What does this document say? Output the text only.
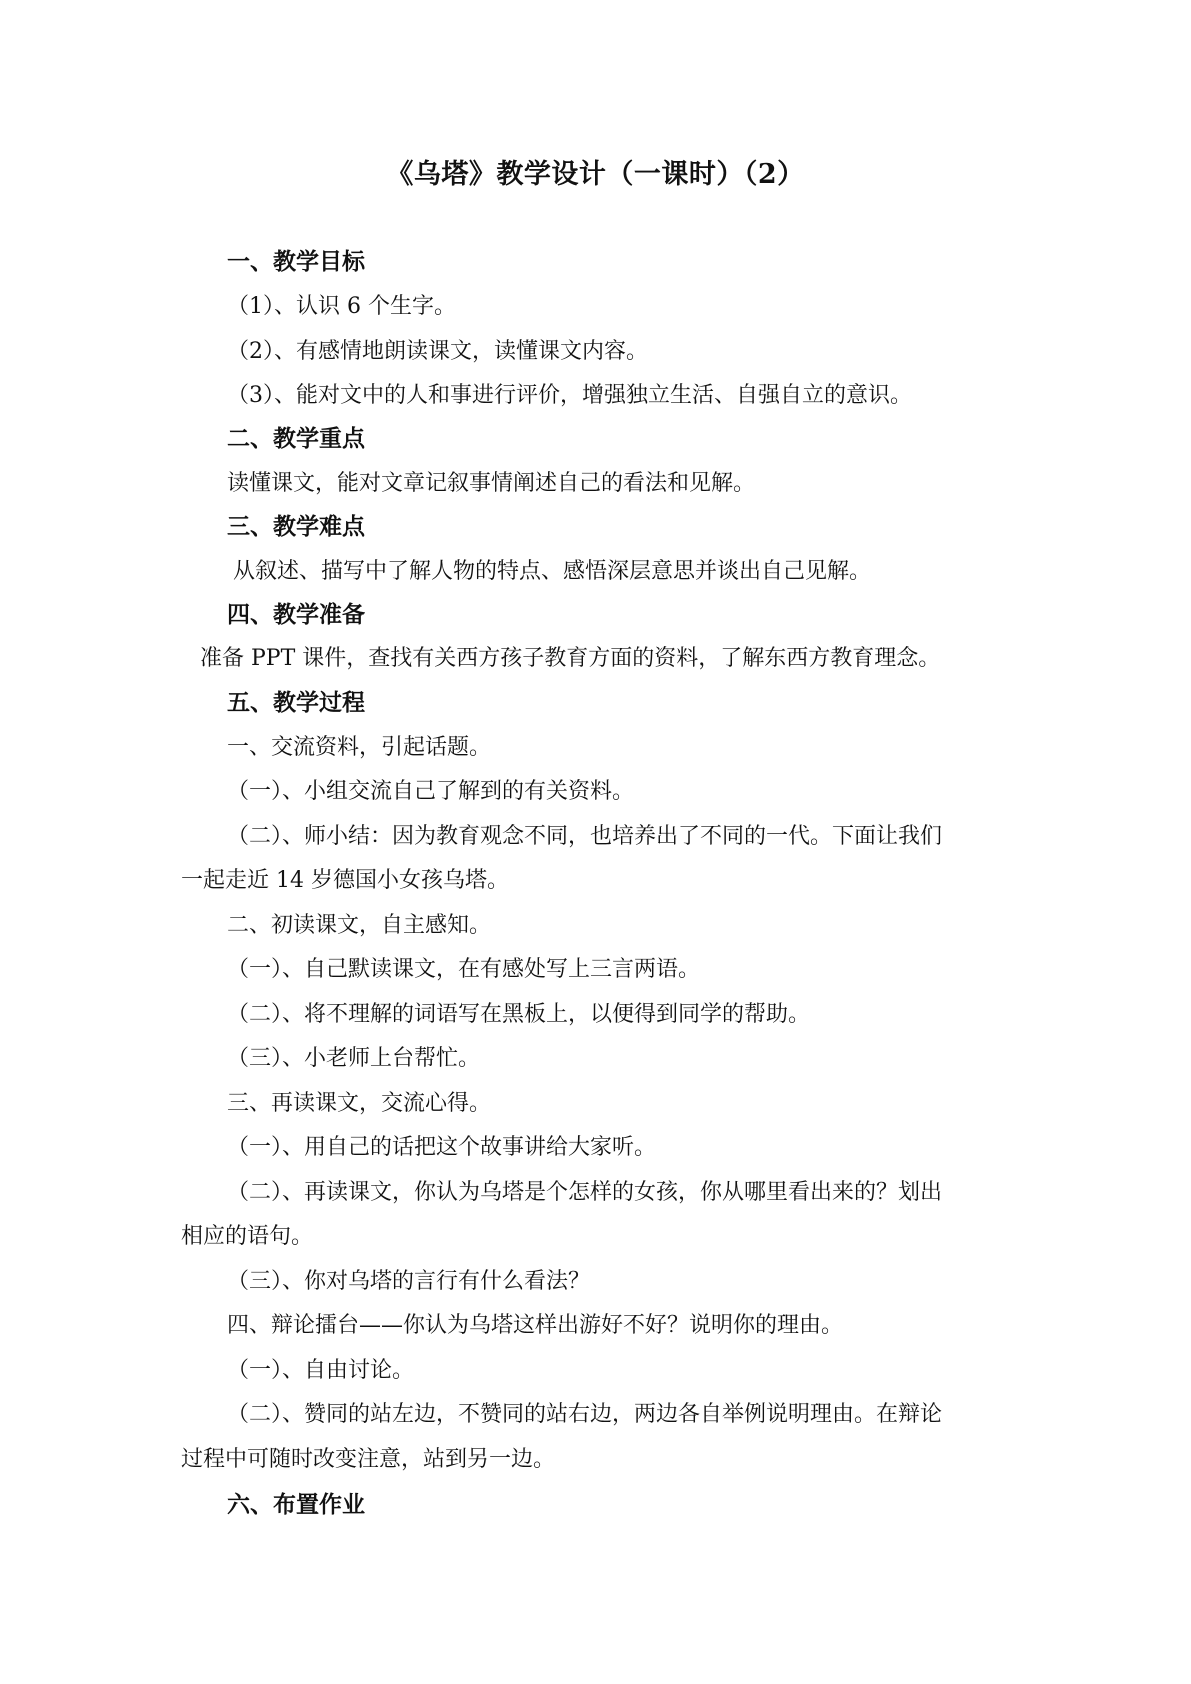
《乌塔》教学设计（一课时）（2）
一、教学目标
（1）、认识 6 个生字。
（2）、有感情地朗读课文，读懂课文内容。
（3）、能对文中的人和事进行评价，增强独立生活、自强自立的意识。
二、教学重点
读懂课文，能对文章记叙事情阐述自己的看法和见解。
三、教学难点
从叙述、描写中了解人物的特点、感悟深层意思并谈出自己见解。
四、教学准备
准备 PPT 课件，查找有关西方孩子教育方面的资料，了解东西方教育理念。
五、教学过程
一、交流资料，引起话题。
（一）、小组交流自己了解到的有关资料。
（二）、师小结：因为教育观念不同，也培养出了不同的一代。下面让我们
一起走近 14 岁德国小女孩乌塔。
二、初读课文，自主感知。
（一）、自己默读课文，在有感处写上三言两语。
（二）、将不理解的词语写在黑板上，以便得到同学的帮助。
（三）、小老师上台帮忙。
三、再读课文，交流心得。
（一）、用自己的话把这个故事讲给大家听。
（二）、再读课文，你认为乌塔是个怎样的女孩，你从哪里看出来的？划出
相应的语句。
（三）、你对乌塔的言行有什么看法？
四、辩论擂台——你认为乌塔这样出游好不好？说明你的理由。
（一）、自由讨论。
（二）、赞同的站左边，不赞同的站右边，两边各自举例说明理由。在辩论
过程中可随时改变注意，站到另一边。
六、布置作业
